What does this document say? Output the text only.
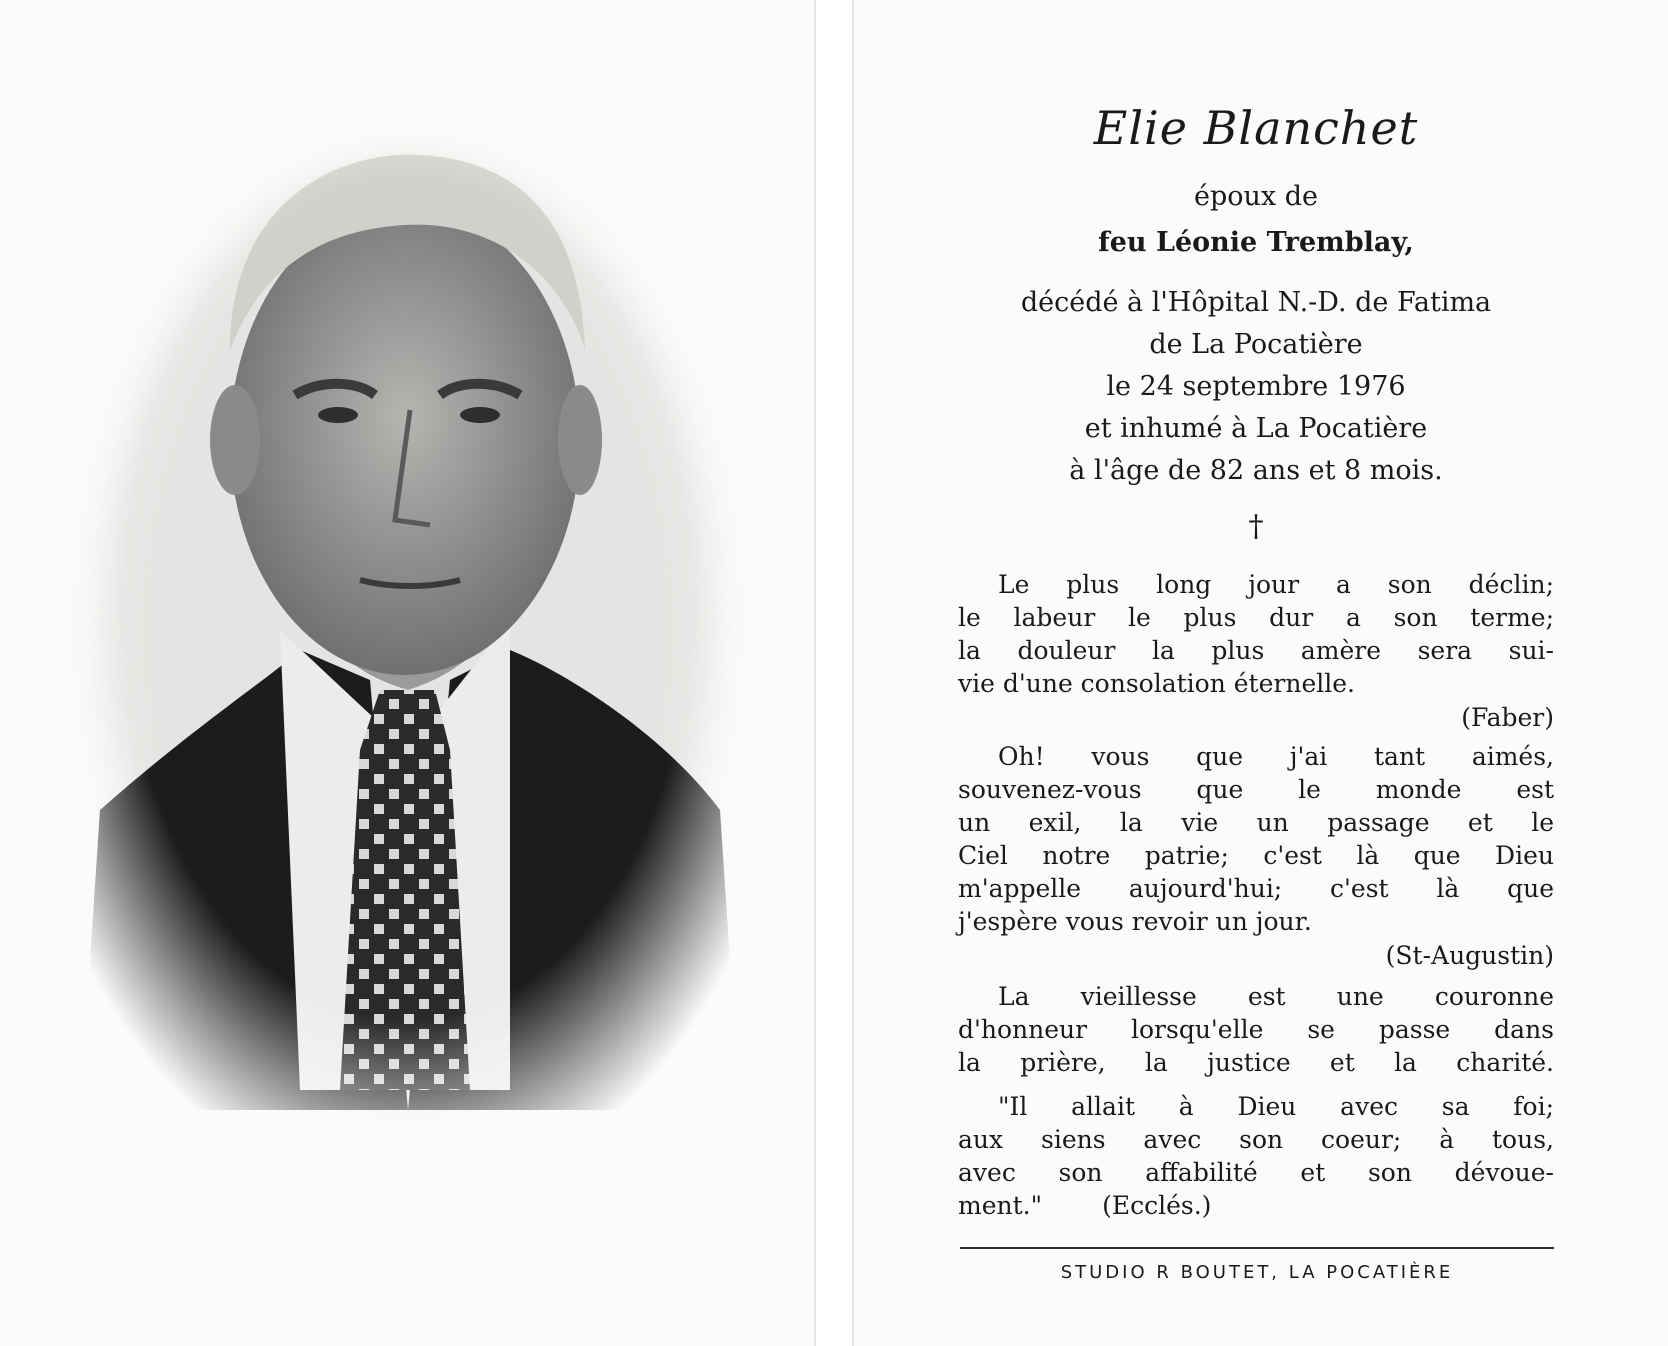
Elie Blanchet
époux de
feu Léonie Tremblay,
décédé à l'Hôpital N.-D. de Fatima
de La Pocatière
le 24 septembre 1976
et inhumé à La Pocatière
à l'âge de 82 ans et 8 mois.
†
Le plus long jour a son déclin;
le labeur le plus dur a son terme;
la douleur la plus amère sera sui-
vie d'une consolation éternelle.
(Faber)
Oh! vous que j'ai tant aimés,
souvenez-vous que le monde est
un exil, la vie un passage et le
Ciel notre patrie; c'est là que Dieu
m'appelle aujourd'hui; c'est là que
j'espère vous revoir un jour.
(St-Augustin)
La vieillesse est une couronne
d'honneur lorsqu'elle se passe dans
la prière, la justice et la charité.
"Il allait à Dieu avec sa foi;
aux siens avec son coeur; à tous,
avec son affabilité et son dévoue-
ment." (Ecclés.)
STUDIO R BOUTET, LA POCATIÈRE
